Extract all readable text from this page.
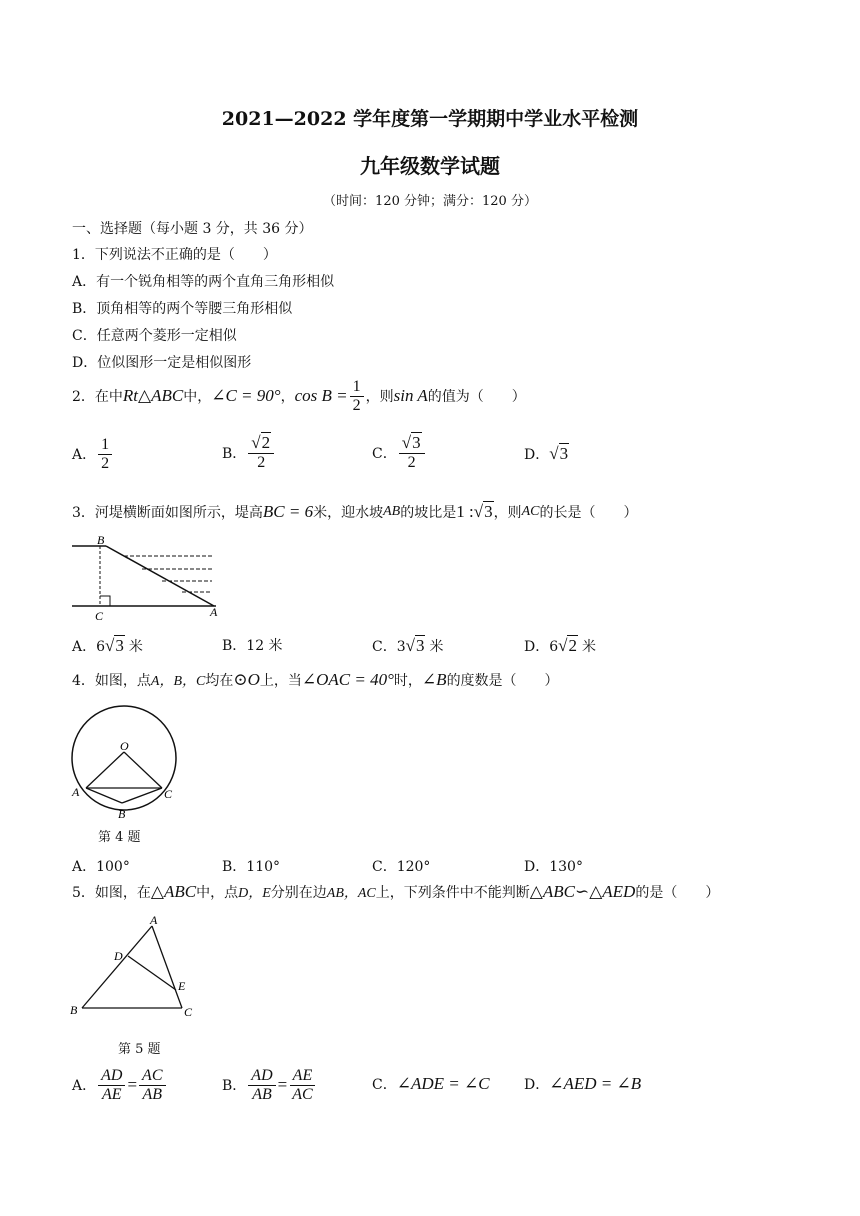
2021—2022 学年度第一学期期中学业水平检测
九年级数学试题
（时间：120 分钟；满分：120 分）
一、选择题（每小题 3 分，共 36 分）
1．下列说法不正确的是（　　）
A．有一个锐角相等的两个直角三角形相似
B．顶角相等的两个等腰三角形相似
C．任意两个菱形一定相似
D．位似图形一定是相似图形
2．在中 Rt△ABC 中， ∠C = 90° ， $\cos B = \frac{1}{2}$ ，则 sin A 的值为（　　）
A． $\frac{1}{2}$	B． $\frac{√2}{2}$	C． $\frac{√3}{2}$	D． √3
3．河堤横断面如图所示，堤高 BC = 6 米，迎水坡 AB 的坡比是 1 : √3 ，则 AC 的长是（　　）
B
C	A
A．6 √3 米	B．12 米	C．3 √3 米	D．6 √2 米
4．如图，点 A，B，C 均在 ⊙O 上，当 ∠OAC = 40° 时， ∠B 的度数是（　　）
O
A	C
B
第 4 题
A．100°	B．110°	C．120°	D．130°
5．如图，在 △ABC 中，点 D，E 分别在边 AB，AC 上，下列条件中不能判断 △ABC∽△AED 的是（　　）
A
D
E
B	C
第 5 题
A． $\frac{AD}{AE} = \frac{AC}{AB}$	B． $\frac{AD}{AB} = \frac{AE}{AC}$	C． ∠ADE = ∠C D． ∠AED = ∠B
